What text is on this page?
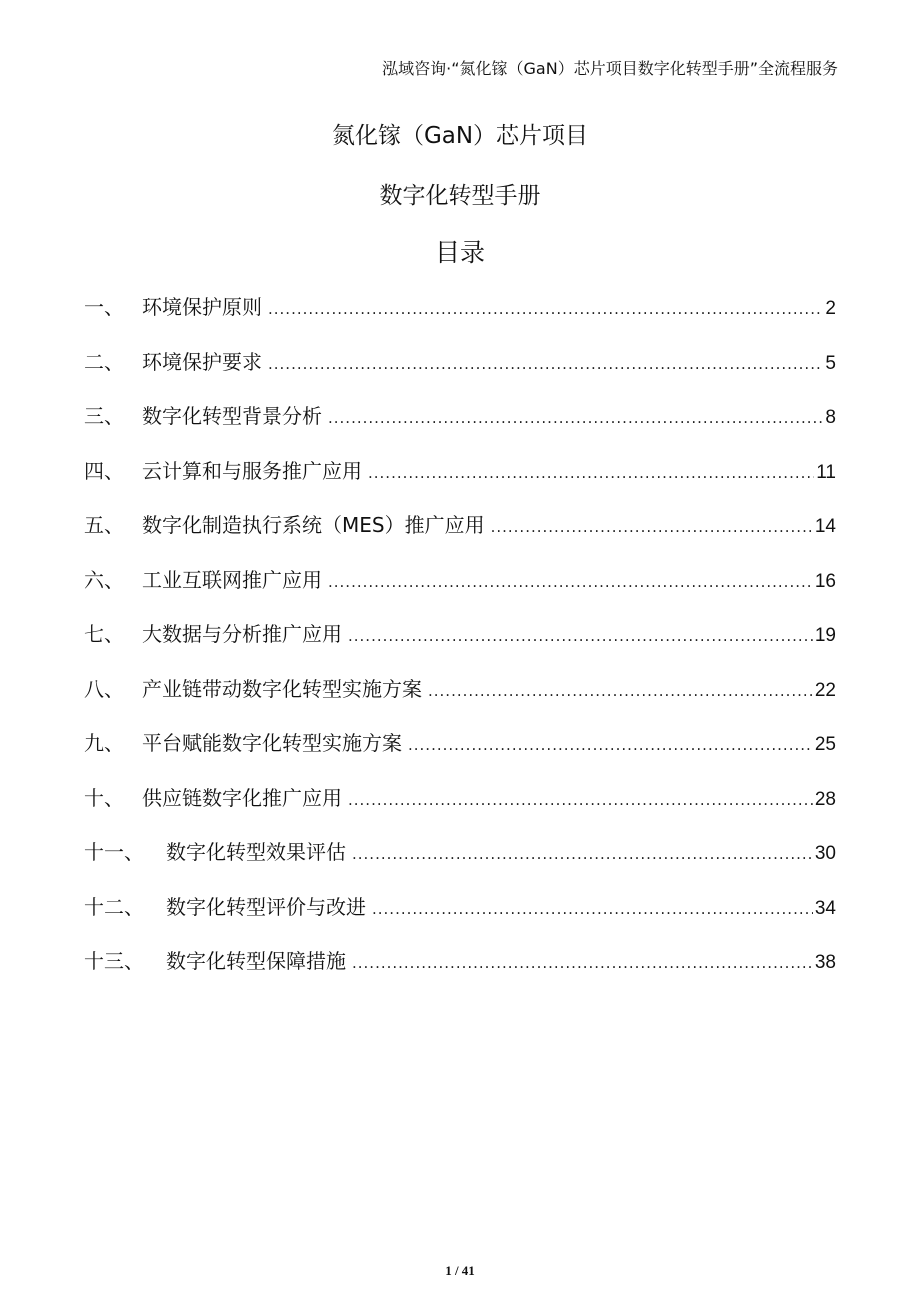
泓域咨询·“氮化镓（GaN）芯片项目数字化转型手册”全流程服务
氮化镓（GaN）芯片项目
数字化转型手册
目录
一、 环境保护原则 .....	2
二、 环境保护要求 .....	5
三、 数字化转型背景分析 .....	8
四、 云计算和与服务推广应用 .....	11
五、 数字化制造执行系统（MES）推广应用 .....	14
六、 工业互联网推广应用 .....	16
七、 大数据与分析推广应用 .....	19
八、 产业链带动数字化转型实施方案 .....	22
九、 平台赋能数字化转型实施方案 .....	25
十、 供应链数字化推广应用 .....	28
十一、	数字化转型效果评估 .....	30
十二、	数字化转型评价与改进 .....	34
十三、	数字化转型保障措施 .....	38
1 / 41
